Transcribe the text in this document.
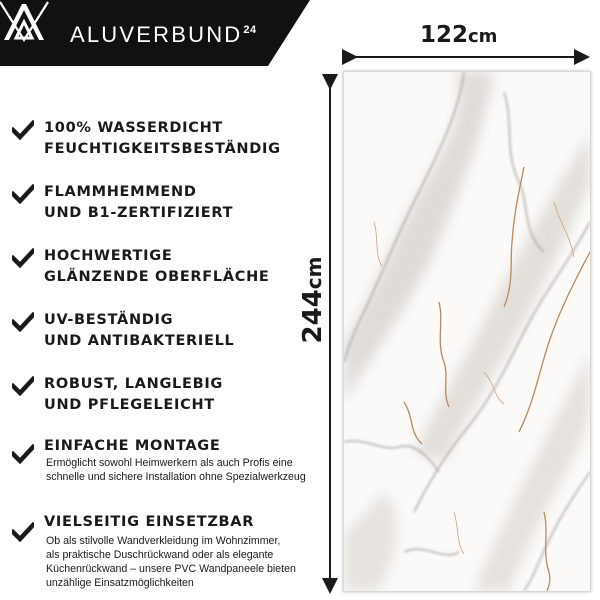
ALUVERBUND$^{24}$
100% WASSERDICHT
FEUCHTIGKEITSBESTÄNDIG
FLAMMHEMMEND
UND B1-ZERTIFIZIERT
HOCHWERTIGE
GLÄNZENDE OBERFLÄCHE
UV-BESTÄNDIG
UND ANTIBAKTERIELL
ROBUST, LANGLEBIG
UND PFLEGELEICHT
EINFACHE MONTAGE
Ermöglicht sowohl Heimwerkern als auch Profis eine
schnelle und sichere Installation ohne Spezialwerkzeug
VIELSEITIG EINSETZBAR
Ob als stilvolle Wandverkleidung im Wohnzimmer,
als praktische Duschrückwand oder als elegante
Küchenrückwand – unsere PVC Wandpaneele bieten
unzählige Einsatzmöglichkeiten
122cm
244cm
